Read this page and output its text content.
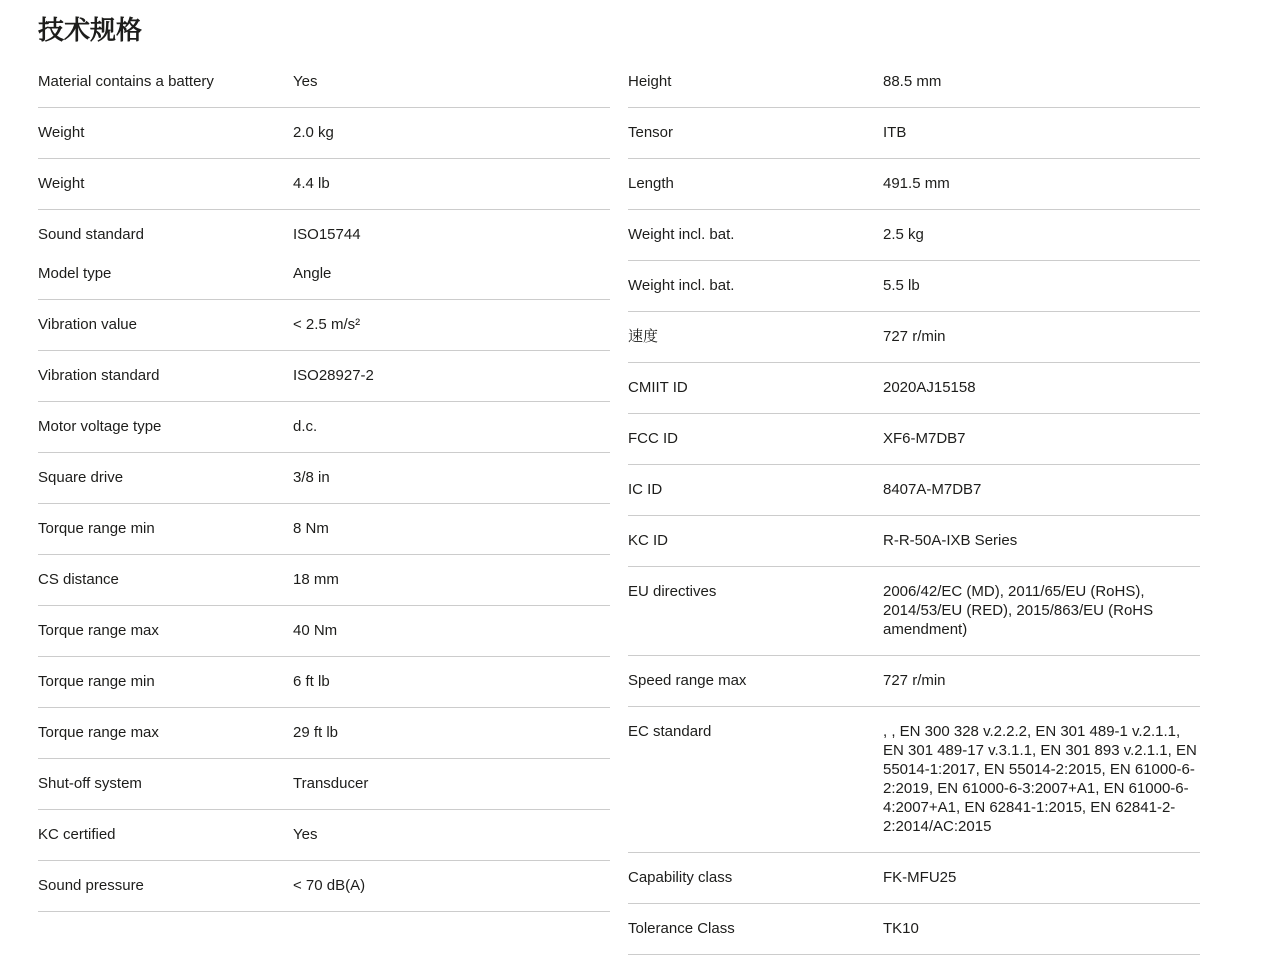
技术规格
Material contains a battery	Yes
Weight	2.0 kg
Weight	4.4 lb
Sound standard	ISO15744
Model type	Angle
Vibration value	< 2.5 m/s²
Vibration standard	ISO28927-2
Motor voltage type	d.c.
Square drive	3/8 in
Torque range min	8 Nm
CS distance	18 mm
Torque range max	40 Nm
Torque range min	6 ft lb
Torque range max	29 ft lb
Shut-off system	Transducer
KC certified	Yes
Sound pressure	< 70 dB(A)
Height	88.5 mm
Tensor	ITB
Length	491.5 mm
Weight incl. bat.	2.5 kg
Weight incl. bat.	5.5 lb
速度	727 r/min
CMIIT ID	2020AJ15158
FCC ID	XF6-M7DB7
IC ID	8407A-M7DB7
KC ID	R-R-50A-IXB Series
EU directives	2006/42/EC (MD), 2011/65/EU (RoHS), 2014/53/EU (RED), 2015/863/EU (RoHS amendment)
Speed range max	727 r/min
EC standard	, , EN 300 328 v.2.2.2, EN 301 489-1 v.2.1.1, EN 301 489-17 v.3.1.1, EN 301 893 v.2.1.1, EN 55014-1:2017, EN 55014-2:2015, EN 61000-6-2:2019, EN 61000-6-3:2007+A1, EN 61000-6-4:2007+A1, EN 62841-1:2015, EN 62841-2-2:2014/AC:2015
Capability class	FK-MFU25
Tolerance Class	TK10
